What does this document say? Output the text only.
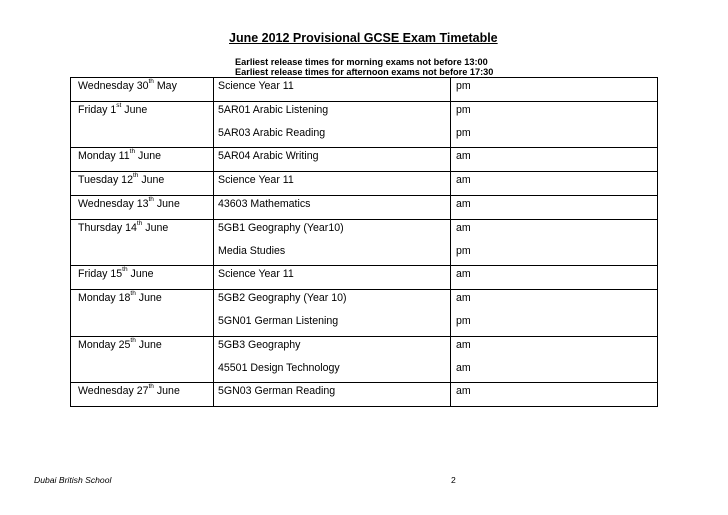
June 2012 Provisional GCSE Exam Timetable
Earliest release times for morning exams not before 13:00
Earliest release times for afternoon exams not before 17:30
Wednesday 30th May	Science Year 11	pm
Friday 1st June	5AR01 Arabic Listening	pm
5AR03 Arabic Reading	pm
Monday 11th June	5AR04 Arabic Writing	am
Tuesday 12th June	Science Year 11	am
Wednesday 13th June	43603 Mathematics	am
Thursday 14th June	5GB1 Geography (Year10)	am
Media Studies	pm
Friday 15th June	Science Year 11	am
Monday 18th June	5GB2 Geography (Year 10)	am
5GN01 German Listening	pm
Monday 25th June	5GB3 Geography	am
45501 Design Technology	am
Wednesday 27th June	5GN03 German Reading	am
Dubai British School	2
